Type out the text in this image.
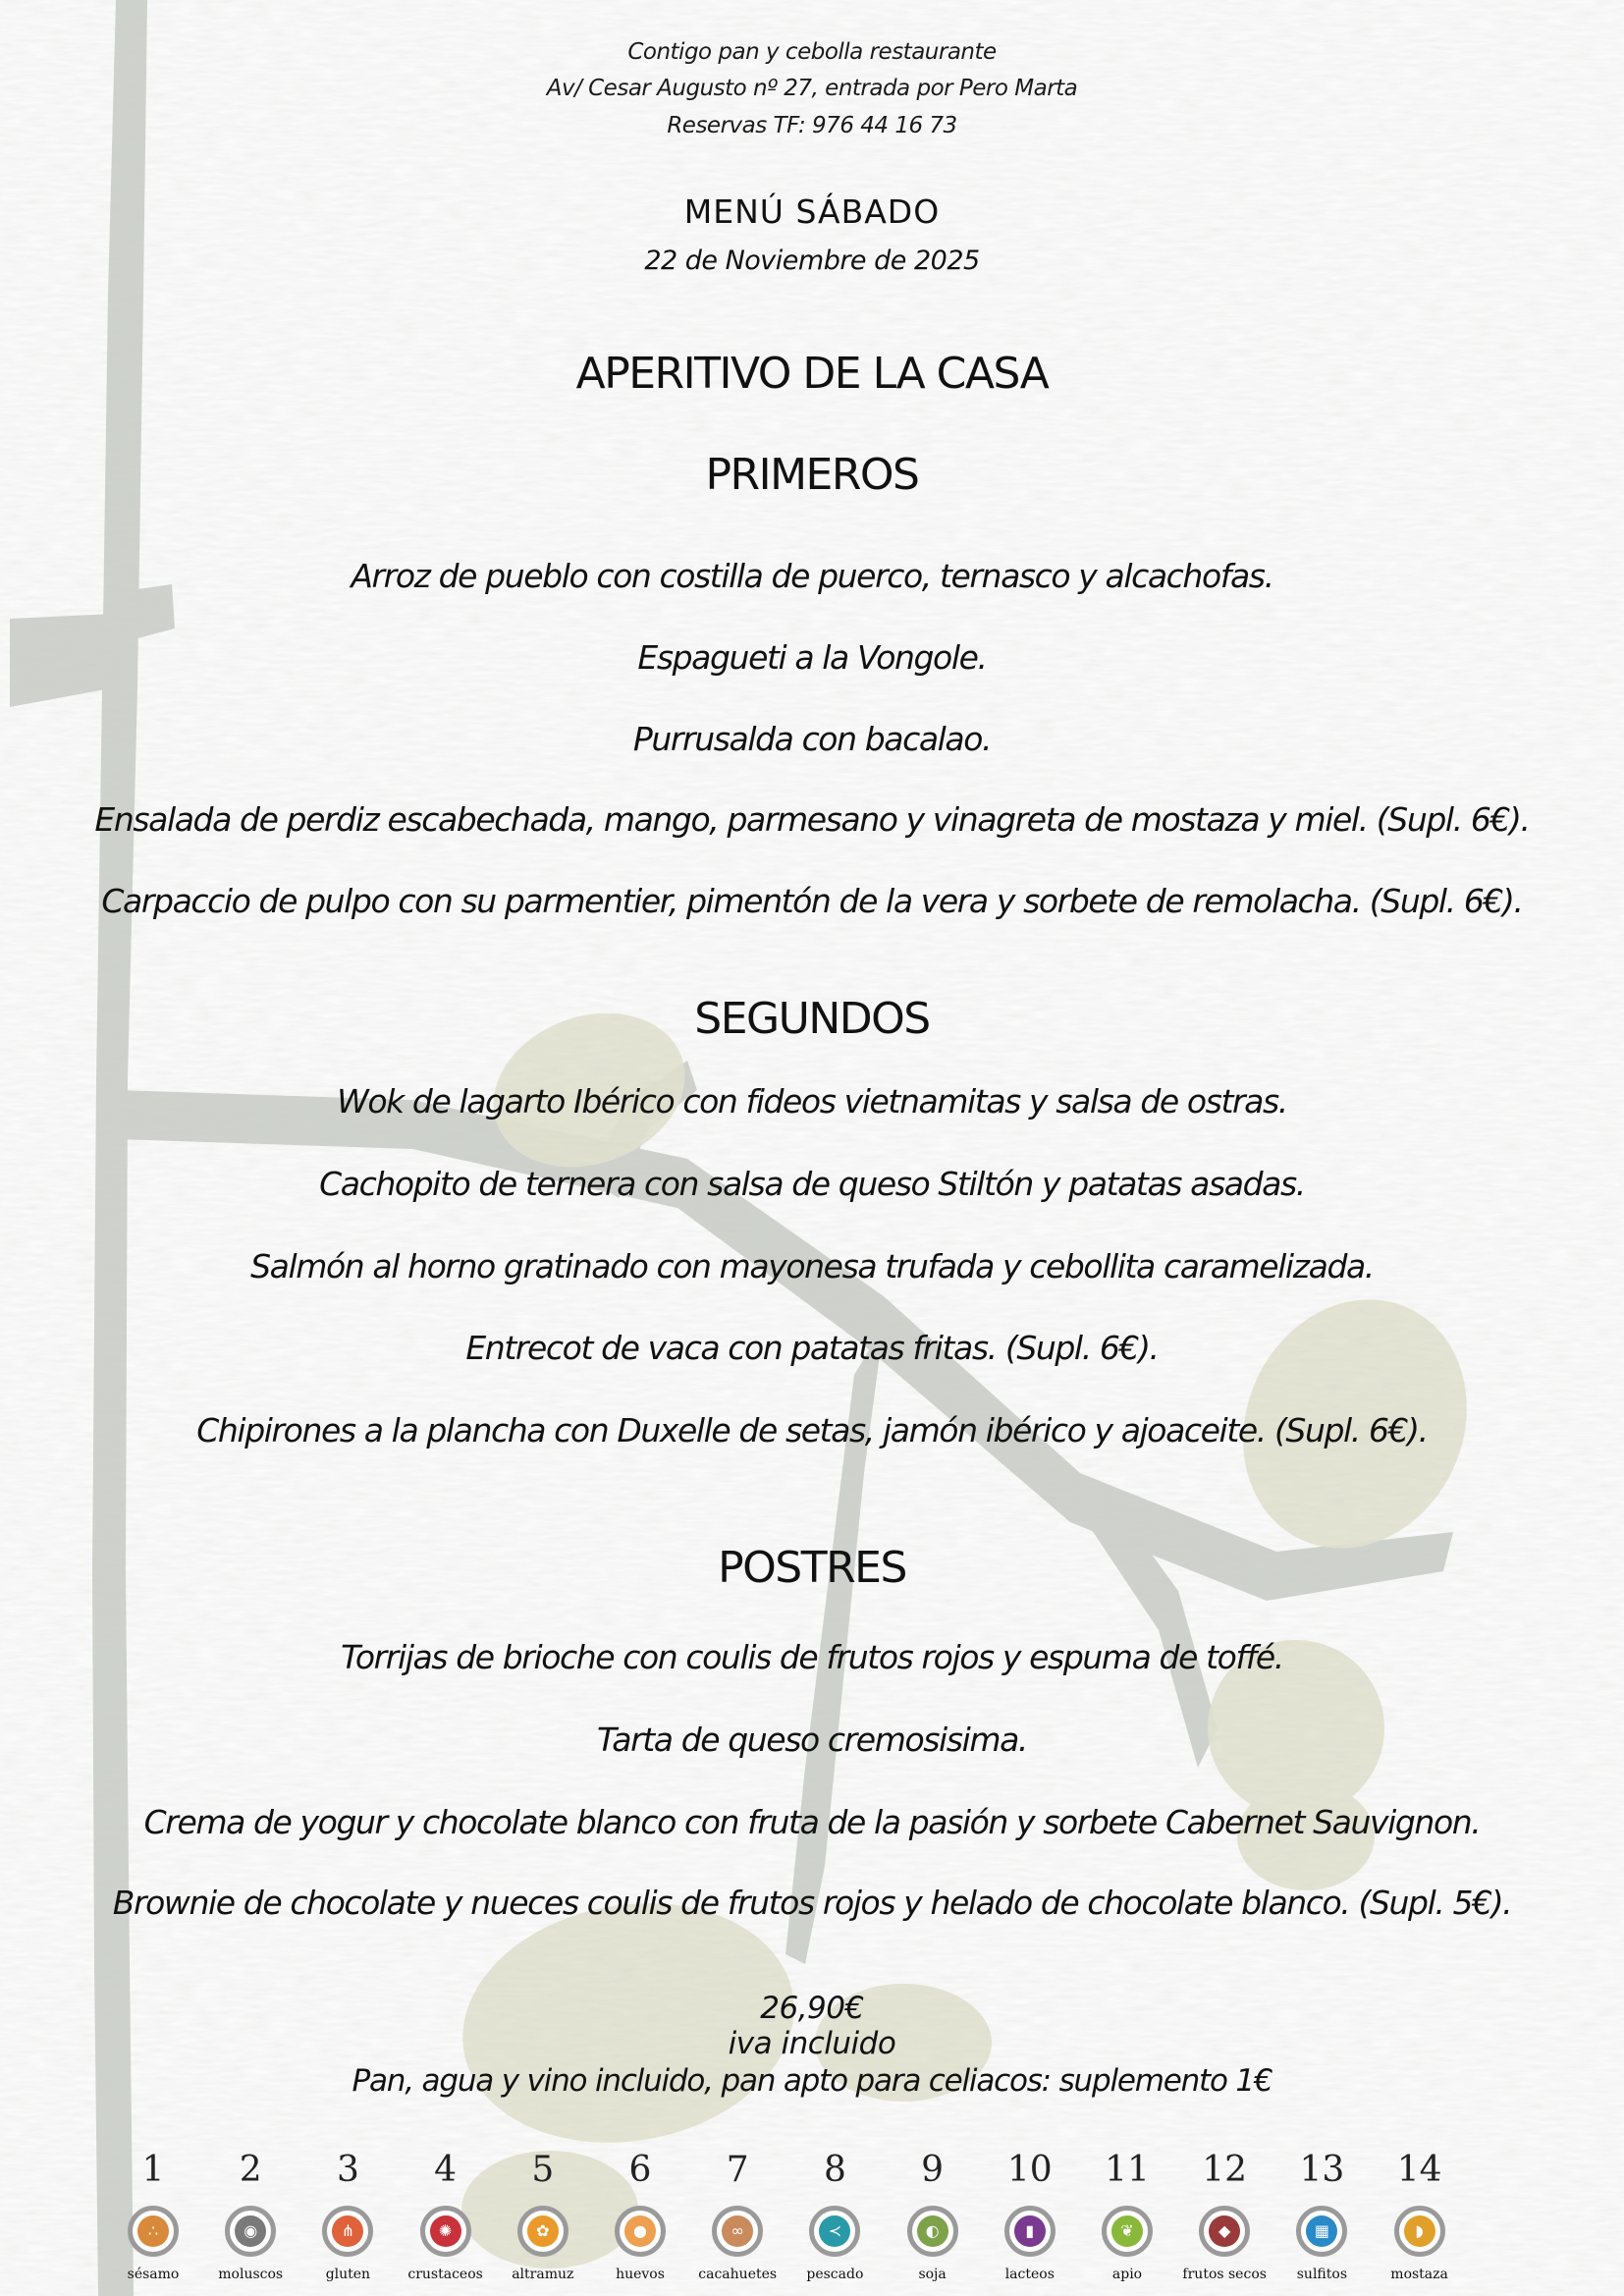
Contigo pan y cebolla restaurante
Av/ Cesar Augusto nº 27, entrada por Pero Marta
Reservas TF: 976 44 16 73
MENÚ SÁBADO
22 de Noviembre de 2025
APERITIVO DE LA CASA
PRIMEROS
Arroz de pueblo con costilla de puerco, ternasco y alcachofas.
Espagueti a la Vongole.
Purrusalda con bacalao.
Ensalada de perdiz escabechada, mango, parmesano y vinagreta de mostaza y miel. (Supl. 6€).
Carpaccio de pulpo con su parmentier, pimentón de la vera y sorbete de remolacha. (Supl. 6€).
SEGUNDOS
Wok de lagarto Ibérico con fideos vietnamitas y salsa de ostras.
Cachopito de ternera con salsa de queso Stiltón y patatas asadas.
Salmón al horno gratinado con mayonesa trufada y cebollita caramelizada.
Entrecot de vaca con patatas fritas. (Supl. 6€).
Chipirones a la plancha con Duxelle de setas, jamón ibérico y ajoaceite. (Supl. 6€).
POSTRES
Torrijas de brioche con coulis de frutos rojos y espuma de toffé.
Tarta de queso cremosisima.
Crema de yogur y chocolate blanco con fruta de la pasión y sorbete Cabernet Sauvignon.
Brownie de chocolate y nueces coulis de frutos rojos y helado de chocolate blanco. (Supl. 5€).
26,90€
iva incluido
Pan, agua y vino incluido, pan apto para celiacos: suplemento 1€
1
∴
sésamo
2
◉
moluscos
3
⋔
gluten
4
✺
crustaceos
5
✿
altramuz
6
●
huevos
7
∞
cacahuetes
8
≺
pescado
9
◐
soja
10
▮
lacteos
11
❦
apio
12
◆
frutos secos
13
▦
sulfitos
14
◗
mostaza
